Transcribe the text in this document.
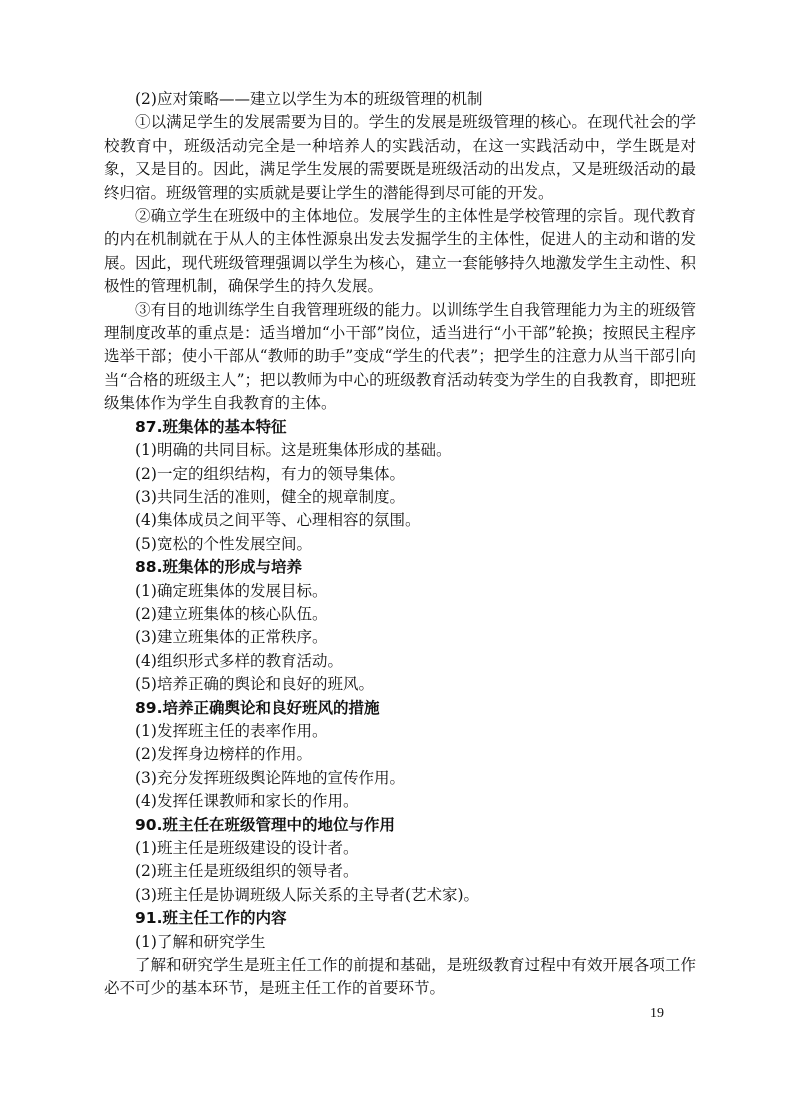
(2)应对策略——建立以学生为本的班级管理的机制

①以满足学生的发展需要为目的。学生的发展是班级管理的核心。在现代社会的学校教育中，班级活动完全是一种培养人的实践活动，在这一实践活动中，学生既是对象，又是目的。因此，满足学生发展的需要既是班级活动的出发点，又是班级活动的最终归宿。班级管理的实质就是要让学生的潜能得到尽可能的开发。

②确立学生在班级中的主体地位。发展学生的主体性是学校管理的宗旨。现代教育的内在机制就在于从人的主体性源泉出发去发掘学生的主体性，促进人的主动和谐的发展。因此，现代班级管理强调以学生为核心，建立一套能够持久地激发学生主动性、积极性的管理机制，确保学生的持久发展。

③有目的地训练学生自我管理班级的能力。以训练学生自我管理能力为主的班级管理制度改革的重点是：适当增加“小干部”岗位，适当进行“小干部”轮换；按照民主程序选举干部；使小干部从“教师的助手”变成“学生的代表”；把学生的注意力从当干部引向当“合格的班级主人”；把以教师为中心的班级教育活动转变为学生的自我教育，即把班级集体作为学生自我教育的主体。

87.班集体的基本特征

(1)明确的共同目标。这是班集体形成的基础。

(2)一定的组织结构，有力的领导集体。

(3)共同生活的准则，健全的规章制度。

(4)集体成员之间平等、心理相容的氛围。

(5)宽松的个性发展空间。

88.班集体的形成与培养

(1)确定班集体的发展目标。

(2)建立班集体的核心队伍。

(3)建立班集体的正常秩序。

(4)组织形式多样的教育活动。

(5)培养正确的舆论和良好的班风。

89.培养正确舆论和良好班风的措施

(1)发挥班主任的表率作用。

(2)发挥身边榜样的作用。

(3)充分发挥班级舆论阵地的宣传作用。

(4)发挥任课教师和家长的作用。

90.班主任在班级管理中的地位与作用

(1)班主任是班级建设的设计者。

(2)班主任是班级组织的领导者。

(3)班主任是协调班级人际关系的主导者(艺术家)。

91.班主任工作的内容

(1)了解和研究学生

了解和研究学生是班主任工作的前提和基础，是班级教育过程中有效开展各项工作必不可少的基本环节，是班主任工作的首要环节。

19
